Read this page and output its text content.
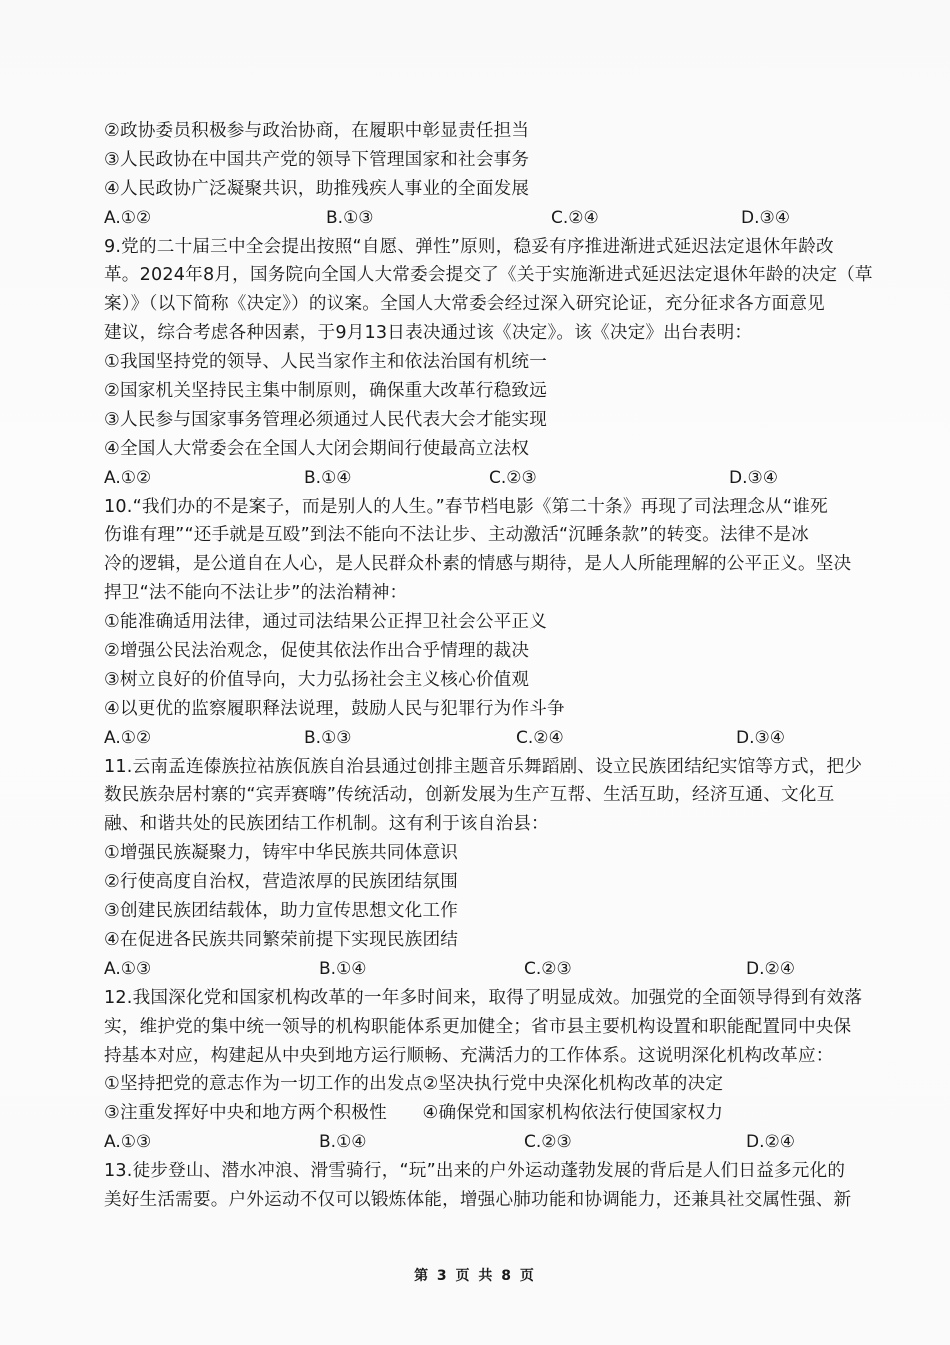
②政协委员积极参与政治协商，在履职中彰显责任担当
③人民政协在中国共产党的领导下管理国家和社会事务
④人民政协广泛凝聚共识，助推残疾人事业的全面发展
A.①②	B.①③	C.②④	D.③④
9.党的二十届三中全会提出按照“自愿、弹性”原则，稳妥有序推进渐进式延迟法定退休年龄改
革。2024年8月，国务院向全国人大常委会提交了《关于实施渐进式延迟法定退休年龄的决定（草
案）》（以下简称《决定》）的议案。全国人大常委会经过深入研究论证，充分征求各方面意见
建议，综合考虑各种因素，于9月13日表决通过该《决定》。该《决定》出台表明：
①我国坚持党的领导、人民当家作主和依法治国有机统一
②国家机关坚持民主集中制原则，确保重大改革行稳致远
③人民参与国家事务管理必须通过人民代表大会才能实现
④全国人大常委会在全国人大闭会期间行使最高立法权
A.①②	B.①④	C.②③	D.③④
10.“我们办的不是案子，而是别人的人生。”春节档电影《第二十条》再现了司法理念从“谁死
伤谁有理”“还手就是互殴”到法不能向不法让步、主动激活“沉睡条款”的转变。法律不是冰
冷的逻辑，是公道自在人心，是人民群众朴素的情感与期待，是人人所能理解的公平正义。坚决
捍卫“法不能向不法让步”的法治精神：
①能准确适用法律，通过司法结果公正捍卫社会公平正义
②增强公民法治观念，促使其依法作出合乎情理的裁决
③树立良好的价值导向，大力弘扬社会主义核心价值观
④以更优的监察履职释法说理，鼓励人民与犯罪行为作斗争
A.①②	B.①③	C.②④	D.③④
11.云南孟连傣族拉祜族佤族自治县通过创排主题音乐舞蹈剧、设立民族团结纪实馆等方式，把少
数民族杂居村寨的“宾弄赛嗨”传统活动，创新发展为生产互帮、生活互助，经济互通、文化互
融、和谐共处的民族团结工作机制。这有利于该自治县：
①增强民族凝聚力，铸牢中华民族共同体意识
②行使高度自治权，营造浓厚的民族团结氛围
③创建民族团结载体，助力宣传思想文化工作
④在促进各民族共同繁荣前提下实现民族团结
A.①③	B.①④	C.②③	D.②④
12.我国深化党和国家机构改革的一年多时间来，取得了明显成效。加强党的全面领导得到有效落
实，维护党的集中统一领导的机构职能体系更加健全；省市县主要机构设置和职能配置同中央保
持基本对应，构建起从中央到地方运行顺畅、充满活力的工作体系。这说明深化机构改革应：
①坚持把党的意志作为一切工作的出发点②坚决执行党中央深化机构改革的决定
③注重发挥好中央和地方两个积极性　　④确保党和国家机构依法行使国家权力
A.①③	B.①④	C.②③	D.②④
13.徒步登山、潜水冲浪、滑雪骑行，“玩”出来的户外运动蓬勃发展的背后是人们日益多元化的
美好生活需要。户外运动不仅可以锻炼体能，增强心肺功能和协调能力，还兼具社交属性强、新
第 3 页 共 8 页
